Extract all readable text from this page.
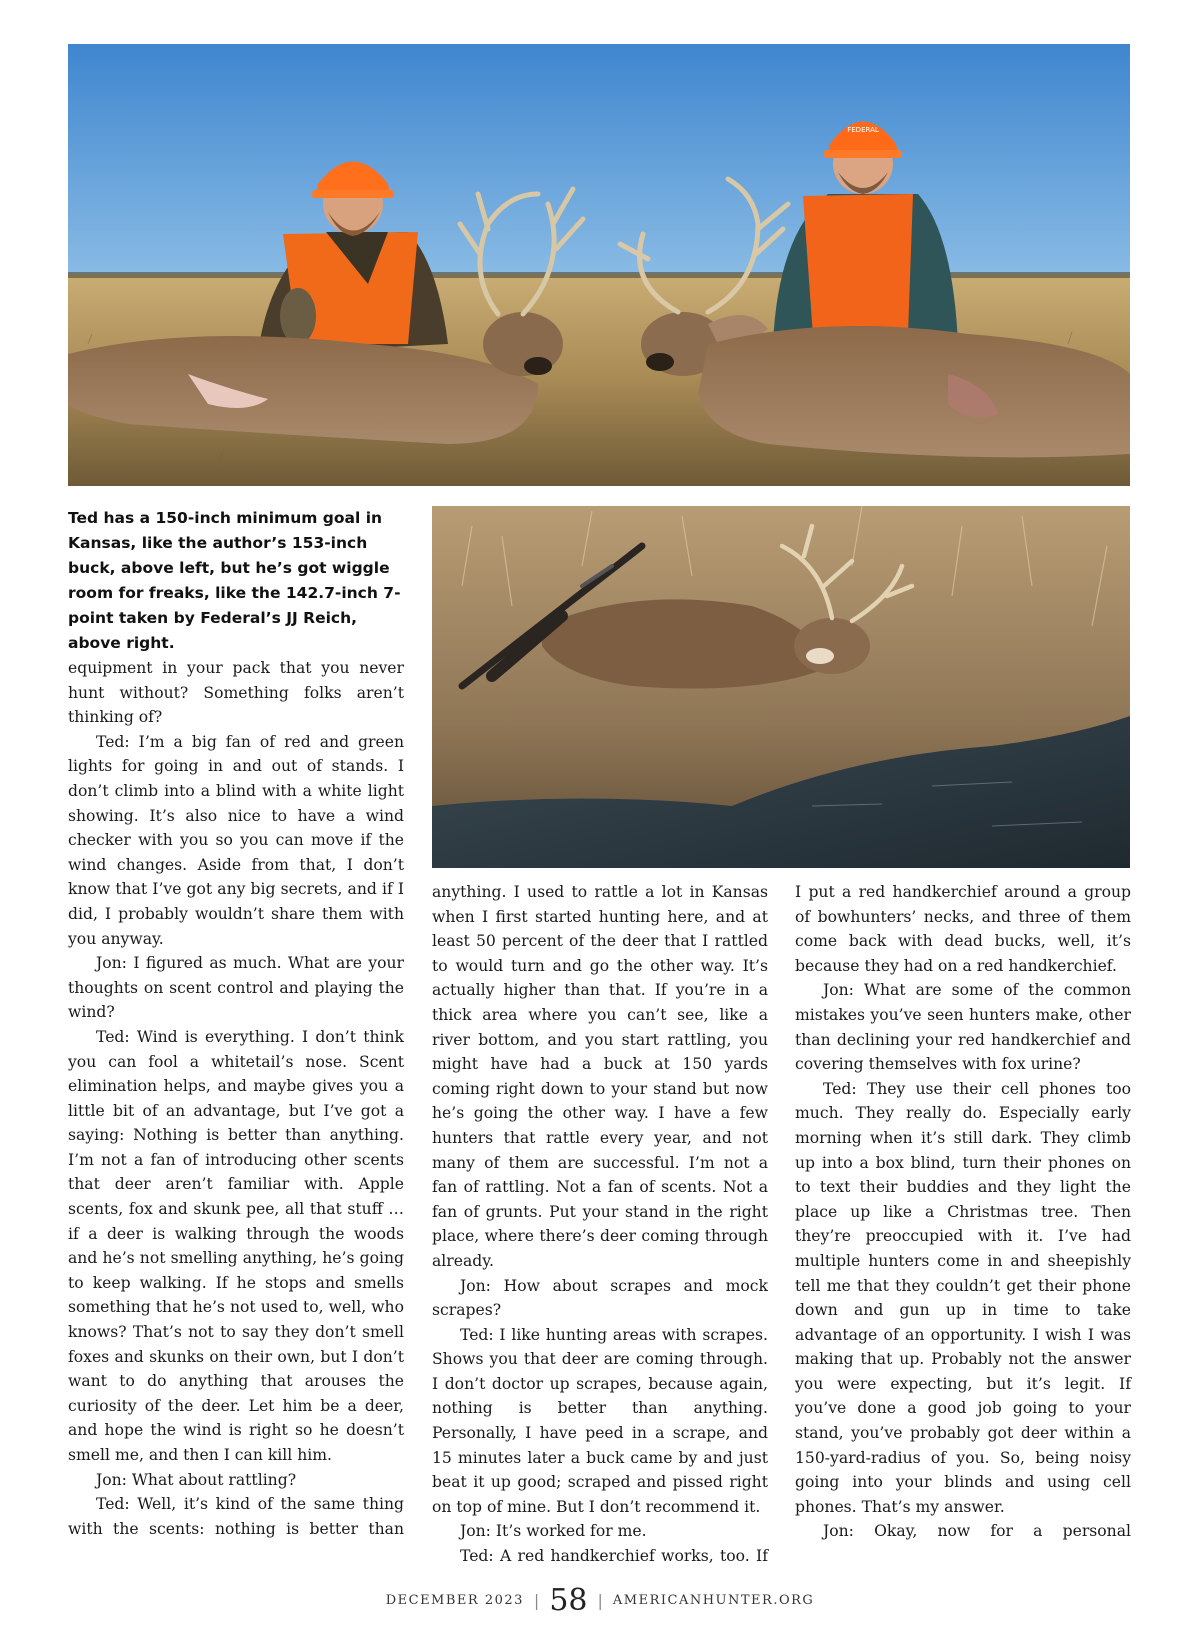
FEDERAL

Ted has a 150-inch minimum goal in Kansas, like the author’s 153-inch buck, above left, but he’s got wiggle room for freaks, like the 142.7-inch 7-point taken by Federal’s JJ Reich, above right.

equipment in your pack that you never hunt without? Something folks aren’t thinking of?

Ted: I’m a big fan of red and green lights for going in and out of stands. I don’t climb into a blind with a white light showing. It’s also nice to have a wind checker with you so you can move if the wind changes. Aside from that, I don’t know that I’ve got any big secrets, and if I did, I probably wouldn’t share them with you anyway.

Jon: I figured as much. What are your thoughts on scent control and playing the wind?

Ted: Wind is everything. I don’t think you can fool a whitetail’s nose. Scent elimination helps, and maybe gives you a little bit of an advantage, but I’ve got a saying: Nothing is better than anything. I’m not a fan of introducing other scents that deer aren’t familiar with. Apple scents, fox and skunk pee, all that stuff … if a deer is walking through the woods and he’s not smelling anything, he’s going to keep walking. If he stops and smells something that he’s not used to, well, who knows? That’s not to say they don’t smell foxes and skunks on their own, but I don’t want to do anything that arouses the curiosity of the deer. Let him be a deer, and hope the wind is right so he doesn’t smell me, and then I can kill him.

Jon: What about rattling?

Ted: Well, it’s kind of the same thing with the scents: nothing is better than

anything. I used to rattle a lot in Kansas when I first started hunting here, and at least 50 percent of the deer that I rattled to would turn and go the other way. It’s actually higher than that. If you’re in a thick area where you can’t see, like a river bottom, and you start rattling, you might have had a buck at 150 yards coming right down to your stand but now he’s going the other way. I have a few hunters that rattle every year, and not many of them are successful. I’m not a fan of rattling. Not a fan of scents. Not a fan of grunts. Put your stand in the right place, where there’s deer coming through already.

Jon: How about scrapes and mock scrapes?

Ted: I like hunting areas with scrapes. Shows you that deer are coming through. I don’t doctor up scrapes, because again, nothing is better than anything. Personally, I have peed in a scrape, and 15 minutes later a buck came by and just beat it up good; scraped and pissed right on top of mine. But I don’t recommend it.

Jon: It’s worked for me.

Ted: A red handkerchief works, too. If

I put a red handkerchief around a group of bowhunters’ necks, and three of them come back with dead bucks, well, it’s because they had on a red handkerchief.

Jon: What are some of the common mistakes you’ve seen hunters make, other than declining your red handkerchief and covering themselves with fox urine?

Ted: They use their cell phones too much. They really do. Especially early morning when it’s still dark. They climb up into a box blind, turn their phones on to text their buddies and they light the place up like a Christmas tree. Then they’re preoccupied with it. I’ve had multiple hunters come in and sheepishly tell me that they couldn’t get their phone down and gun up in time to take advantage of an opportunity. I wish I was making that up. Probably not the answer you were expecting, but it’s legit. If you’ve done a good job going to your stand, you’ve probably got deer within a 150-yard-radius of you. So, being noisy going into your blinds and using cell phones. That’s my answer.

Jon: Okay, now for a personal

DECEMBER 2023 | 58 | AMERICANHUNTER.ORG
